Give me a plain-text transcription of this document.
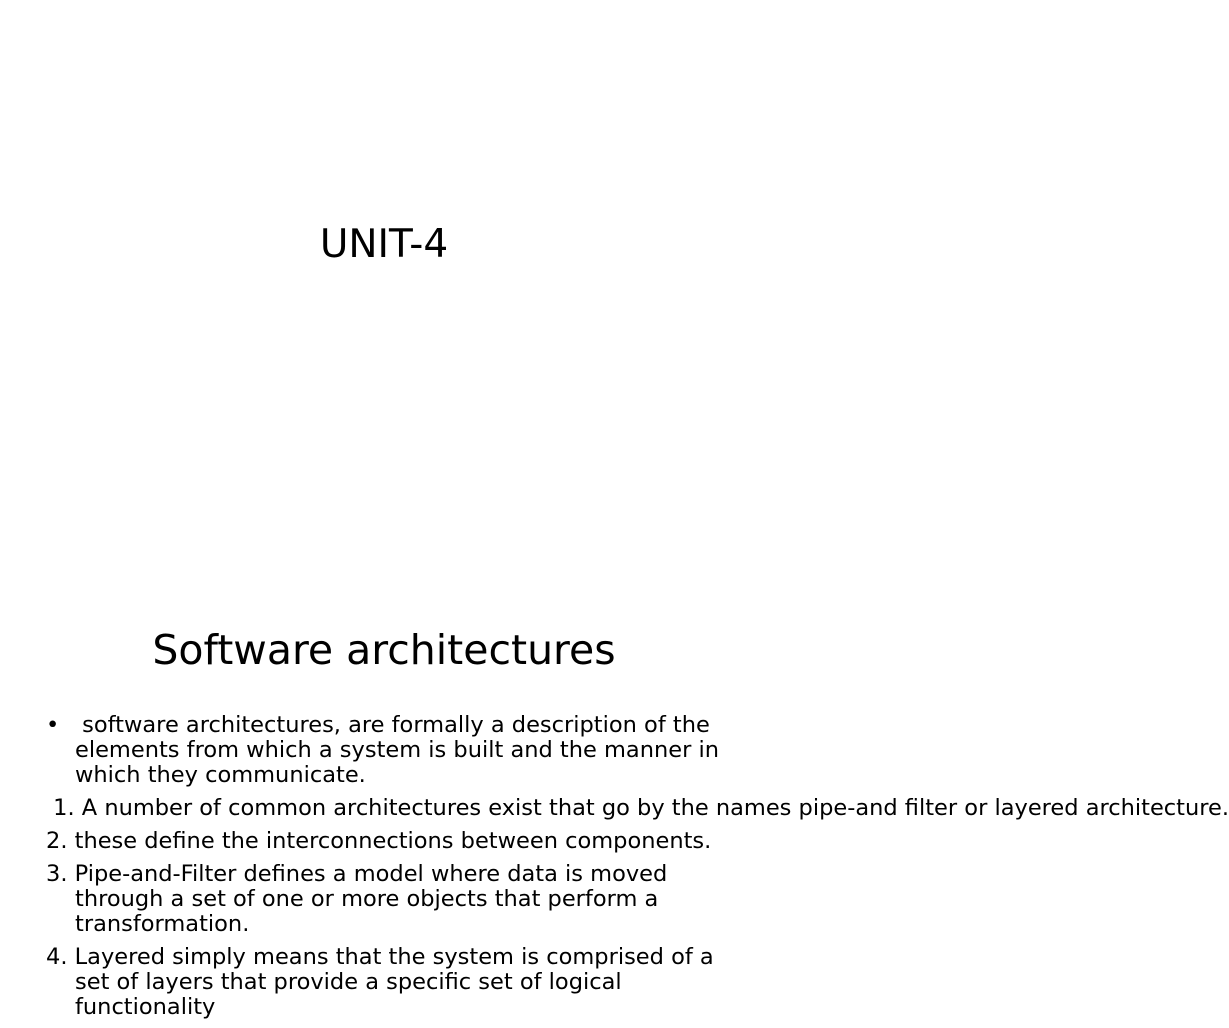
UNIT-4
Software architectures
• software architectures, are formally a description of the elements from which a system is built and the manner in which they communicate.
1. A number of common architectures exist that go by the names pipe-and filter or layered architecture.
2. these define the interconnections between components.
3. Pipe-and-Filter defines a model where data is moved through a set of one or more objects that perform a transformation.
4. Layered simply means that the system is comprised of a set of layers that provide a specific set of logical functionality
